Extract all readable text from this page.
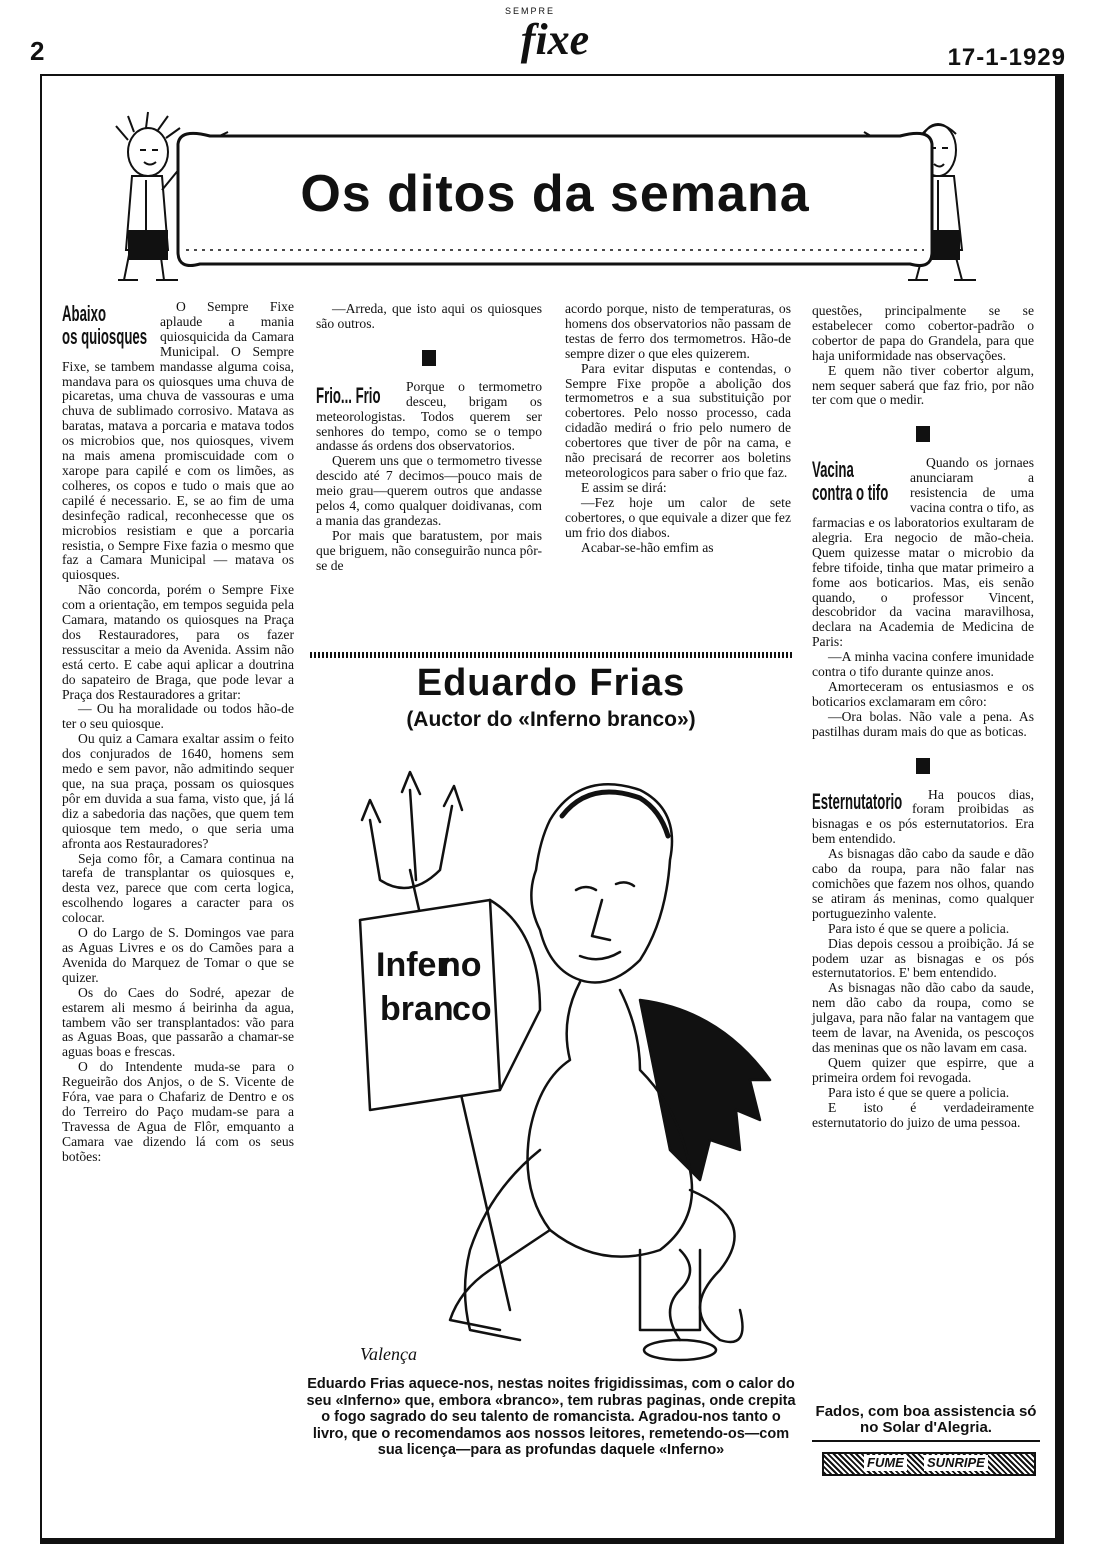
2
SEMPRE
fixe	17-1-1929
Os ditos da semana
Abaixo
os quiosques

O Sempre Fixe aplaude a mania quiosquicida da Camara Municipal. O Sempre Fixe, se tambem mandasse alguma coisa, mandava para os quiosques uma chuva de picaretas, uma chuva de vassouras e uma chuva de sublimado corrosivo. Matava as baratas, matava a porcaria e matava todos os microbios que, nos quiosques, vivem na mais amena promiscuidade com o xarope para capilé e com os limões, as colheres, os copos e tudo o mais que ao capilé é necessario. E, se ao fim de uma desinfeção radical, reconhecesse que os microbios resistiam e que a porcaria resistia, o Sempre Fixe fazia o mesmo que faz a Camara Municipal — matava os quiosques.

Não concorda, porém o Sempre Fixe com a orientação, em tempos seguida pela Camara, matando os quiosques na Praça dos Restauradores, para os fazer ressuscitar a meio da Avenida. Assim não está certo. E cabe aqui aplicar a doutrina do sapateiro de Braga, que pode levar a Praça dos Restauradores a gritar:

— Ou ha moralidade ou todos hão-de ter o seu quiosque.

Ou quiz a Camara exaltar assim o feito dos conjurados de 1640, homens sem medo e sem pavor, não admitindo sequer que, na sua praça, possam os quiosques pôr em duvida a sua fama, visto que, já lá diz a sabedoria das nações, que quem tem quiosque tem medo, o que seria uma afronta aos Restauradores?

Seja como fôr, a Camara continua na tarefa de transplantar os quiosques e, desta vez, parece que com certa logica, escolhendo logares a caracter para os colocar.

O do Largo de S. Domingos vae para as Aguas Livres e os do Camões para a Avenida do Marquez de Tomar o que se quizer.

Os do Caes do Sodré, apezar de estarem ali mesmo á beirinha da agua, tambem vão ser transplantados: vão para as Aguas Boas, que passarão a chamar-se aguas boas e frescas.

O do Intendente muda-se para o Regueirão dos Anjos, o de S. Vicente de Fóra, vae para o Chafariz de Dentro e os do Terreiro do Paço mudam-se para a Travessa de Agua de Flôr, emquanto a Camara vae dizendo lá com os seus botões:

—Arreda, que isto aqui os quiosques são outros.

Frio... Frio	Porque o termometro desceu, brigam os meteorologistas. Todos querem ser senhores do tempo, como se o tempo andasse ás ordens dos observatorios.

Querem uns que o termometro tivesse descido até 7 decimos—pouco mais de meio grau—querem outros que andasse pelos 4, como qualquer doidivanas, com a mania das grandezas.

Por mais que baratustem, por mais que briguem, não conseguirão nunca pôr-se de

acordo porque, nisto de temperaturas, os homens dos observatorios não passam de testas de ferro dos termometros. Hão-de sempre dizer o que eles quizerem.

Para evitar disputas e contendas, o Sempre Fixe propõe a abolição dos termometros e a sua substituição por cobertores. Pelo nosso processo, cada cidadão medirá o frio pelo numero de cobertores que tiver de pôr na cama, e não precisará de recorrer aos boletins meteorologicos para saber o frio que faz.

E assim se dirá:

—Fez hoje um calor de sete cobertores, o que equivale a dizer que fez um frio dos diabos.

Acabar-se-hão emfim as

questões, principalmente se se estabelecer como cobertor-padrão o cobertor de papa do Grandela, para que haja uniformidade nas observações.

E quem não tiver cobertor algum, nem sequer saberá que faz frio, por não ter com que o medir.

Vacina
contra o tifo

Quando os jornaes anunciaram a resistencia de uma vacina contra o tifo, as farmacias e os laboratorios exultaram de alegria. Era negocio de mão-cheia. Quem quizesse matar o microbio da febre tifoide, tinha que matar primeiro a fome aos boticarios. Mas, eis senão quando, o professor Vincent, descobridor da vacina maravilhosa, declara na Academia de Medicina de Paris:

—A minha vacina confere imunidade contra o tifo durante quinze anos.

Amorteceram os entusiasmos e os boticarios exclamaram em côro:

—Ora bolas. Não vale a pena. As pastilhas duram mais do que as boticas.

Esternutatorio	Ha poucos dias, foram proibidas as bisnagas e os pós esternutatorios. Era bem entendido.

As bisnagas dão cabo da saude e dão cabo da roupa, para não falar nas comichões que fazem nos olhos, quando se atiram ás meninas, como qualquer portuguezinho valente.

Para isto é que se quere a policia.

Dias depois cessou a proibição. Já se podem uzar as bisnagas e os pós esternutatorios. E' bem entendido.

As bisnagas não dão cabo da saude, nem dão cabo da roupa, como se julgava, para não falar na vantagem que teem de lavar, na Avenida, os pescoços das meninas que os não lavam em casa.

Quem quizer que espirre, que a primeira ordem foi revogada.

Para isto é que se quere a policia.

E isto é verdadeiramente esternutatorio do juizo de uma pessoa.

Eduardo Frias
(Auctor do «Inferno branco»)
Infer
no
bran
co
Valença
Eduardo Frias aquece-nos, nestas noites frigidissimas, com o calor do seu «Inferno» que, embora «branco», tem rubras paginas, onde crepita o fogo sagrado do seu talento de romancista. Agradou-nos tanto o livro, que o recomendamos aos nossos leitores, remetendo-os—com sua licença—para as profundas daquele «Inferno»
Fados, com boa assistencia só no Solar d'Alegria.
FUME SUNRIPE
